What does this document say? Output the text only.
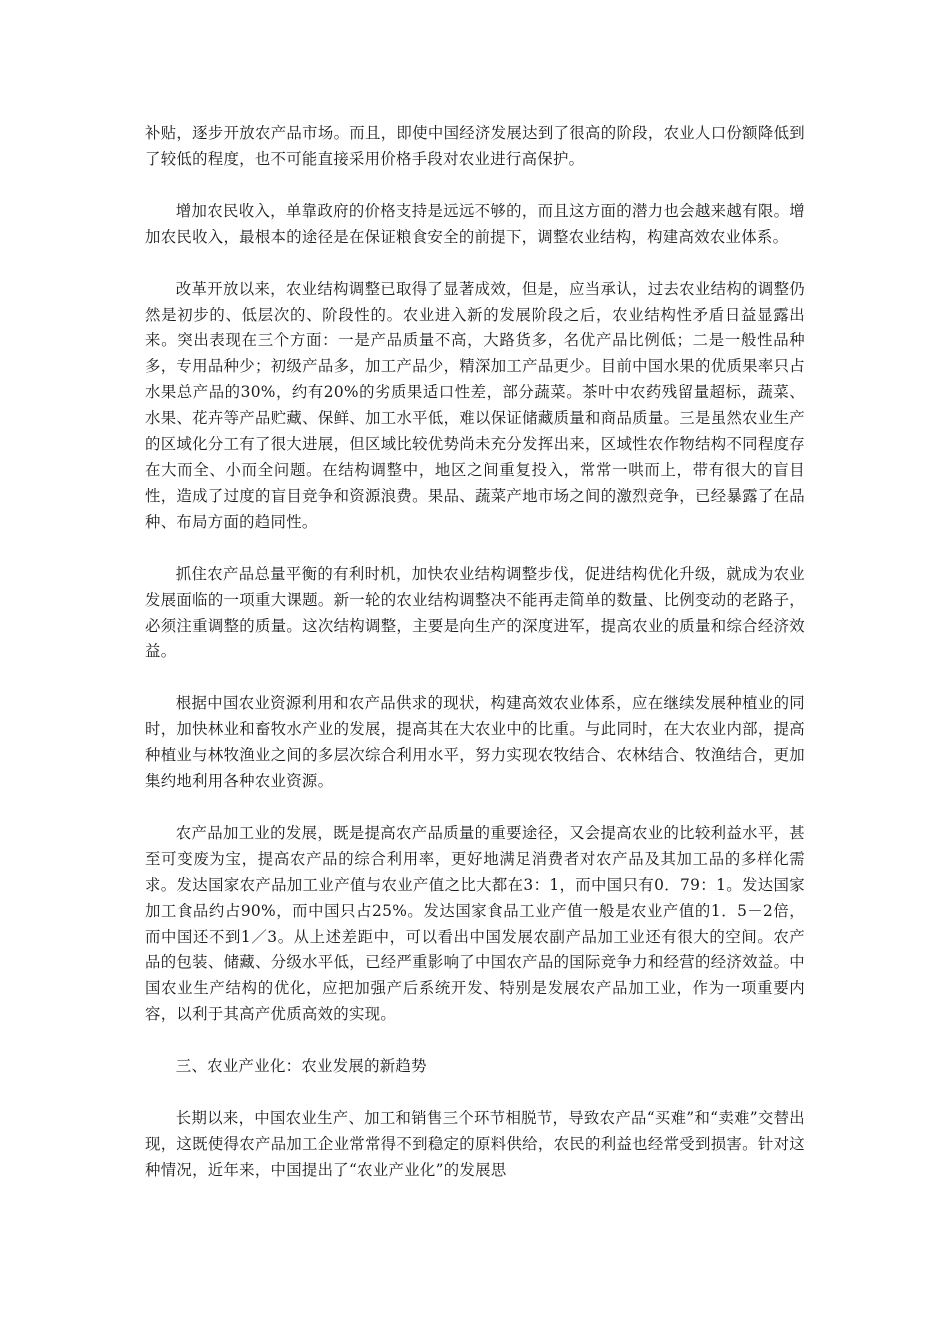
补贴，逐步开放农产品市场。而且，即使中国经济发展达到了很高的阶段，农业人口份额降低到了较低的程度，也不可能直接采用价格手段对农业进行高保护。

增加农民收入，单靠政府的价格支持是远远不够的，而且这方面的潜力也会越来越有限。增加农民收入，最根本的途径是在保证粮食安全的前提下，调整农业结构，构建高效农业体系。

改革开放以来，农业结构调整已取得了显著成效，但是，应当承认，过去农业结构的调整仍然是初步的、低层次的、阶段性的。农业进入新的发展阶段之后，农业结构性矛盾日益显露出来。突出表现在三个方面：一是产品质量不高，大路货多，名优产品比例低；二是一般性品种多，专用品种少；初级产品多，加工产品少，精深加工产品更少。目前中国水果的优质果率只占水果总产品的30%，约有20%的劣质果适口性差，部分蔬菜。茶叶中农药残留量超标，蔬菜、水果、花卉等产品贮藏、保鲜、加工水平低，难以保证储藏质量和商品质量。三是虽然农业生产的区域化分工有了很大进展，但区域比较优势尚未充分发挥出来，区域性农作物结构不同程度存在大而全、小而全问题。在结构调整中，地区之间重复投入，常常一哄而上，带有很大的盲目性，造成了过度的盲目竞争和资源浪费。果品、蔬菜产地市场之间的激烈竞争，已经暴露了在品种、布局方面的趋同性。

抓住农产品总量平衡的有利时机，加快农业结构调整步伐，促进结构优化升级，就成为农业发展面临的一项重大课题。新一轮的农业结构调整决不能再走简单的数量、比例变动的老路子，必须注重调整的质量。这次结构调整，主要是向生产的深度进军，提高农业的质量和综合经济效益。

根据中国农业资源利用和农产品供求的现状，构建高效农业体系，应在继续发展种植业的同时，加快林业和畜牧水产业的发展，提高其在大农业中的比重。与此同时，在大农业内部，提高种植业与林牧渔业之间的多层次综合利用水平，努力实现农牧结合、农林结合、牧渔结合，更加集约地利用各种农业资源。

农产品加工业的发展，既是提高农产品质量的重要途径，又会提高农业的比较利益水平，甚至可变废为宝，提高农产品的综合利用率，更好地满足消费者对农产品及其加工品的多样化需求。发达国家农产品加工业产值与农业产值之比大都在3：1，而中国只有0．79：1。发达国家加工食品约占90%，而中国只占25%。发达国家食品工业产值一般是农业产值的1．5－2倍，而中国还不到1／3。从上述差距中，可以看出中国发展农副产品加工业还有很大的空间。农产品的包装、储藏、分级水平低，已经严重影响了中国农产品的国际竞争力和经营的经济效益。中国农业生产结构的优化，应把加强产后系统开发、特别是发展农产品加工业，作为一项重要内容，以利于其高产优质高效的实现。

三、农业产业化：农业发展的新趋势

长期以来，中国农业生产、加工和销售三个环节相脱节，导致农产品“买难”和“卖难”交替出现，这既使得农产品加工企业常常得不到稳定的原料供给，农民的利益也经常受到损害。针对这种情况，近年来，中国提出了“农业产业化”的发展思
